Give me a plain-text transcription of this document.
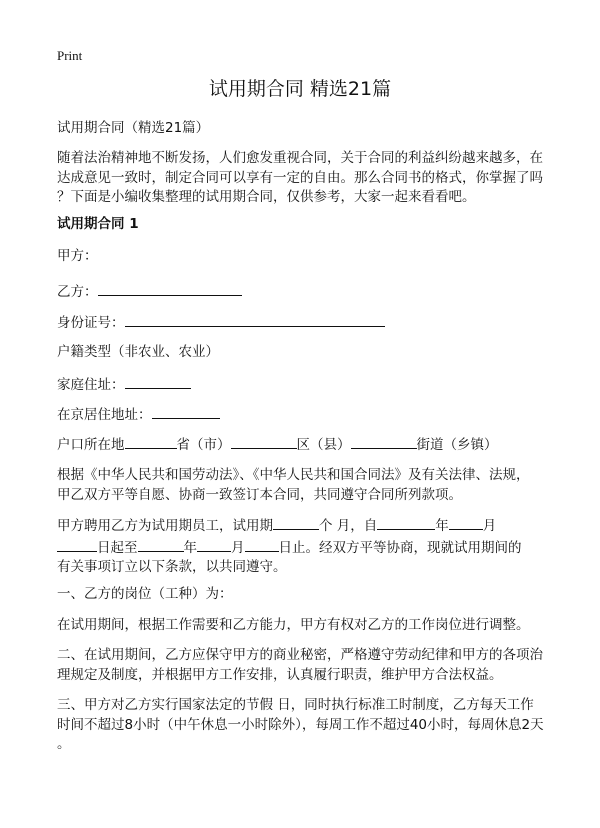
Print
试用期合同 精选21篇
试用期合同（精选21篇）
随着法治精神地不断发扬，人们愈发重视合同，关于合同的利益纠纷越来越多，在
达成意见一致时，制定合同可以享有一定的自由。那么合同书的格式，你掌握了吗
？下面是小编收集整理的试用期合同，仅供参考，大家一起来看看吧。
试用期合同 1
甲方：
乙方：
身份证号：
户籍类型（非农业、农业）
家庭住址：
在京居住地址：
户口所在地	省（市）	区（县）	街道（乡镇）
根据《中华人民共和国劳动法》、《中华人民共和国合同法》及有关法律、法规，
甲乙双方平等自愿、协商一致签订本合同，共同遵守合同所列款项。
甲方聘用乙方为试用期员工，试用期	个 月，自	年	月
日起至	年	月	日止。经双方平等协商，现就试用期间的
有关事项订立以下条款，以共同遵守。
一、乙方的岗位（工种）为：
在试用期间，根据工作需要和乙方能力，甲方有权对乙方的工作岗位进行调整。
二、在试用期间，乙方应保守甲方的商业秘密，严格遵守劳动纪律和甲方的各项治
理规定及制度，并根据甲方工作安排，认真履行职责，维护甲方合法权益。
三、甲方对乙方实行国家法定的节假 日，同时执行标准工时制度，乙方每天工作
时间不超过8小时（中午休息一小时除外），每周工作不超过40小时，每周休息2天
。
